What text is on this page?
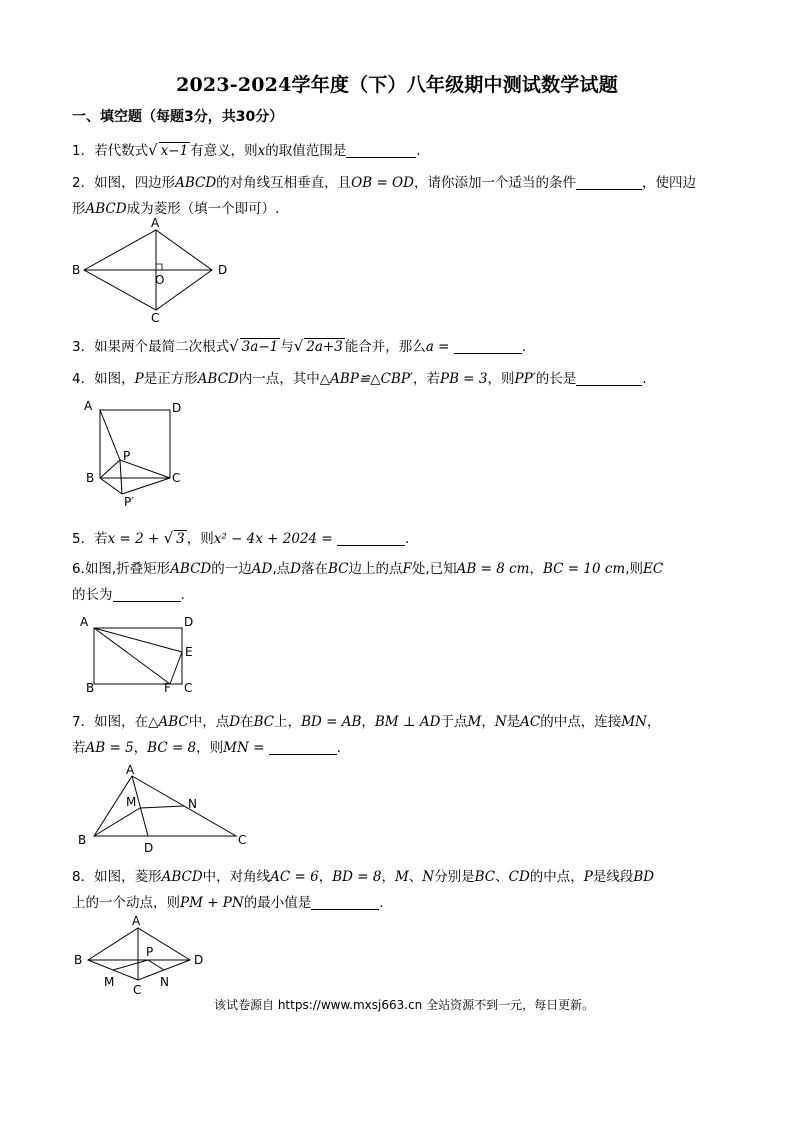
2023-2024学年度（下）八年级期中测试数学试题
一、填空题（每题3分，共30分）
1．若代数式√ x−1 有意义，则x的取值范围是	.
2．如图，四边形ABCD的对角线互相垂直，且OB = OD，请你添加一个适当的条件	，使四边
形ABCD成为菱形（填一个即可）.
A
B	D
C
O
3．如果两个最简二次根式√ 3a−1 与√ 2a+3 能合并，那么a =	.
4．如图，P是正方形ABCD内一点，其中△ABP≌△CBP′，若PB = 3，则PP′的长是	.
A	D
B	C
P
P′
5．若x = 2 + √ 3 ，则x² − 4x + 2024 =	.
6.如图,折叠矩形ABCD的一边AD,点D落在BC边上的点F处,已知AB = 8 cm，BC = 10 cm,则EC
的长为	.
A	D
E
B	F C
7．如图，在△ABC中，点D在BC上，BD = AB，BM ⊥ AD于点M，N是AC的中点，连接MN，
若AB = 5，BC = 8，则MN =	.
A
M	N
B
D
C
8．如图，菱形ABCD中，对角线AC = 6，BD = 8，M、N分别是BC、CD的中点，P是线段BD
上的一个动点，则PM + PN的最小值是	.
A
B	D
P
M
C
N
该试卷源自 https://www.mxsj663.cn 全站资源不到一元，每日更新。
